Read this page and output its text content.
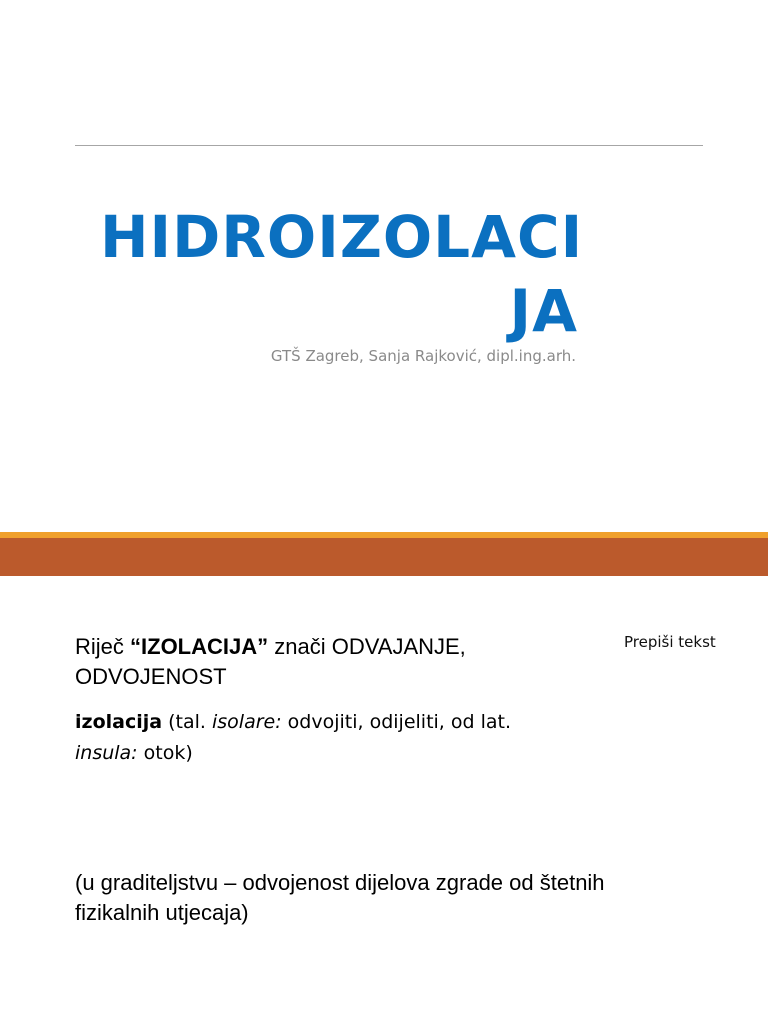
HIDROIZOLACI
JA

GTŠ Zagreb, Sanja Rajković, dipl.ing.arh.

Prepiši tekst

Riječ “IZOLACIJA” znači ODVAJANJE, ODVOJENOST

izolacija (tal. isolare: odvojiti, odijeliti, od lat. insula: otok)

(u graditeljstvu – odvojenost dijelova zgrade od štetnih fizikalnih utjecaja)
